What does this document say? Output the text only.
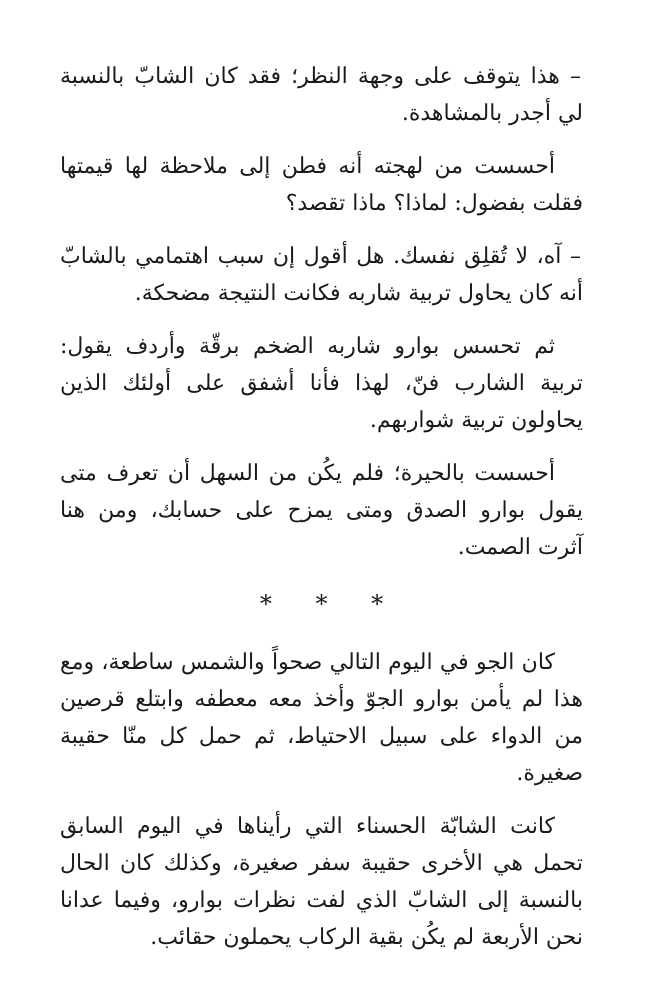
– هذا يتوقف على وجهة النظر؛ فقد كان الشابّ بالنسبة لي أجدر بالمشاهدة.

أحسست من لهجته أنه فطن إلى ملاحظة لها قيمتها فقلت بفضول: لماذا؟ ماذا تقصد؟

– آه، لا تُقلِق نفسك. هل أقول إن سبب اهتمامي بالشابّ أنه كان يحاول تربية شاربه فكانت النتيجة مضحكة.

ثم تحسس بوارو شاربه الضخم برقّة وأردف يقول: تربية الشارب فنّ، لهذا فأنا أشفق على أولئك الذين يحاولون تربية شواربهم.

أحسست بالحيرة؛ فلم يكُن من السهل أن تعرف متى يقول بوارو الصدق ومتى يمزح على حسابك، ومن هنا آثرت الصمت.

* * *

كان الجو في اليوم التالي صحواً والشمس ساطعة، ومع هذا لم يأمن بوارو الجوّ وأخذ معه معطفه وابتلع قرصين من الدواء على سبيل الاحتياط، ثم حمل كل منّا حقيبة صغيرة.

كانت الشابّة الحسناء التي رأيناها في اليوم السابق تحمل هي الأخرى حقيبة سفر صغيرة، وكذلك كان الحال بالنسبة إلى الشابّ الذي لفت نظرات بوارو، وفيما عدانا نحن الأربعة لم يكُن بقية الركاب يحملون حقائب.
